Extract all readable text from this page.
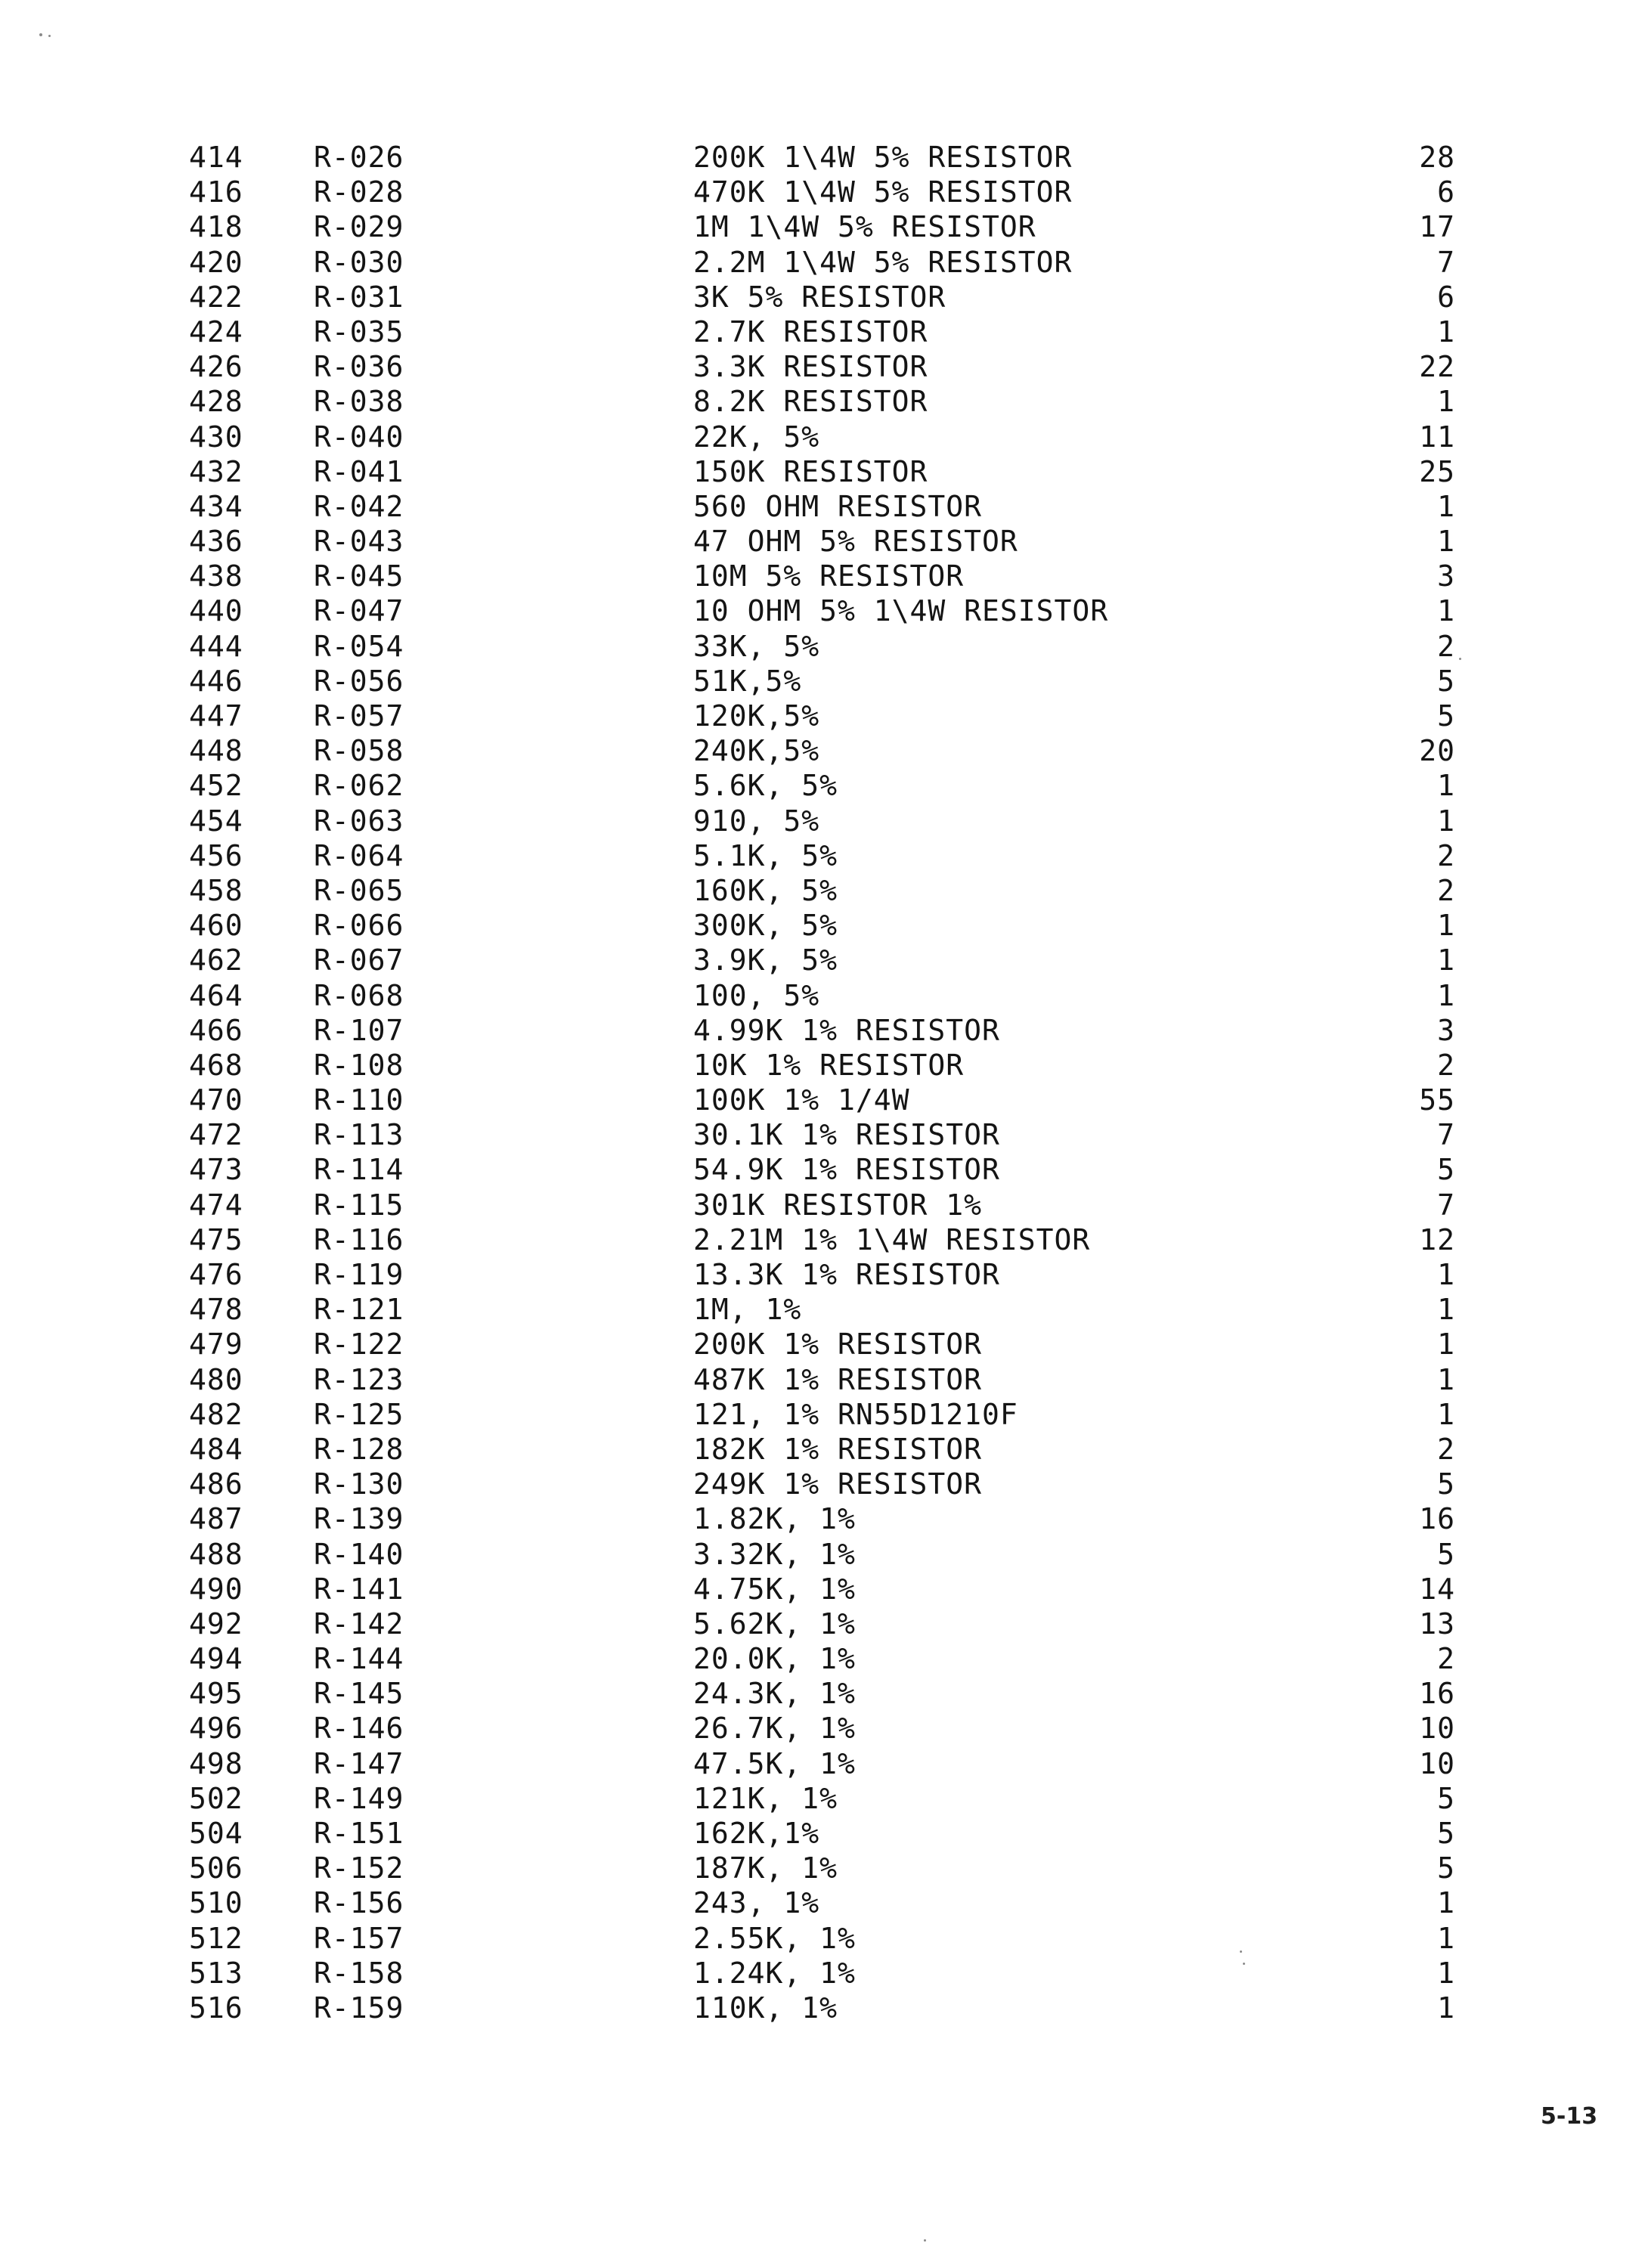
414 R-026	200K 1\4W 5% RESISTOR	28
416 R-028	470K 1\4W 5% RESISTOR	6
418 R-029	1M 1\4W 5% RESISTOR	17
420 R-030	2.2M 1\4W 5% RESISTOR	7
422 R-031	3K 5% RESISTOR	6
424 R-035	2.7K RESISTOR	1
426 R-036	3.3K RESISTOR	22
428 R-038	8.2K RESISTOR	1
430 R-040	22K, 5%	11
432 R-041	150K RESISTOR	25
434 R-042	560 OHM RESISTOR	1
436 R-043	47 OHM 5% RESISTOR	1
438 R-045	10M 5% RESISTOR	3
440 R-047	10 OHM 5% 1\4W RESISTOR	1
444 R-054	33K, 5%	2
446 R-056	51K,5%	5
447 R-057	120K,5%	5
448 R-058	240K,5%	20
452 R-062	5.6K, 5%	1
454 R-063	910, 5%	1
456 R-064	5.1K, 5%	2
458 R-065	160K, 5%	2
460 R-066	300K, 5%	1
462 R-067	3.9K, 5%	1
464 R-068	100, 5%	1
466 R-107	4.99K 1% RESISTOR	3
468 R-108	10K 1% RESISTOR	2
470 R-110	100K 1% 1/4W	55
472 R-113	30.1K 1% RESISTOR	7
473 R-114	54.9K 1% RESISTOR	5
474 R-115	301K RESISTOR 1%	7
475 R-116	2.21M 1% 1\4W RESISTOR	12
476 R-119	13.3K 1% RESISTOR	1
478 R-121	1M, 1%	1
479 R-122	200K 1% RESISTOR	1
480 R-123	487K 1% RESISTOR	1
482 R-125	121, 1% RN55D1210F	1
484 R-128	182K 1% RESISTOR	2
486 R-130	249K 1% RESISTOR	5
487 R-139	1.82K, 1%	16
488 R-140	3.32K, 1%	5
490 R-141	4.75K, 1%	14
492 R-142	5.62K, 1%	13
494 R-144	20.0K, 1%	2
495 R-145	24.3K, 1%	16
496 R-146	26.7K, 1%	10
498 R-147	47.5K, 1%	10
502 R-149	121K, 1%	5
504 R-151	162K,1%	5
506 R-152	187K, 1%	5
510 R-156	243, 1%	1
512 R-157	2.55K, 1%	1
513 R-158	1.24K, 1%	1
516 R-159	110K, 1%	1
5-13
